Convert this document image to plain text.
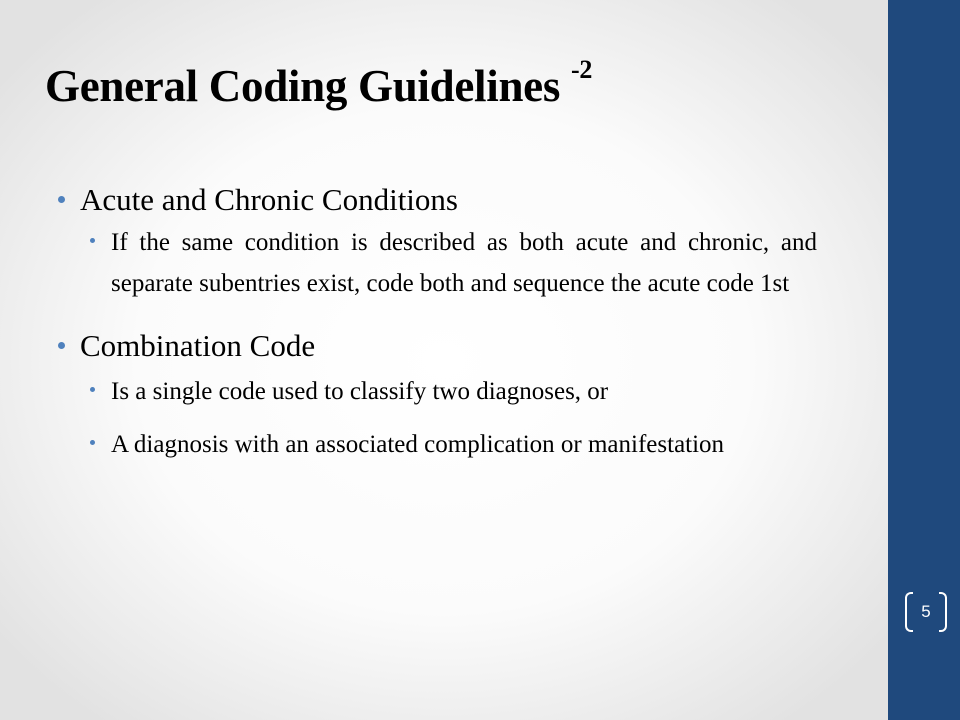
General Coding Guidelines $^{-2}$
Acute and Chronic Conditions
If the same condition is described as both acute and chronic, and separate subentries exist, code both and sequence the acute code 1st
Combination Code
Is a single code used to classify two diagnoses, or
A diagnosis with an associated complication or manifestation
5
